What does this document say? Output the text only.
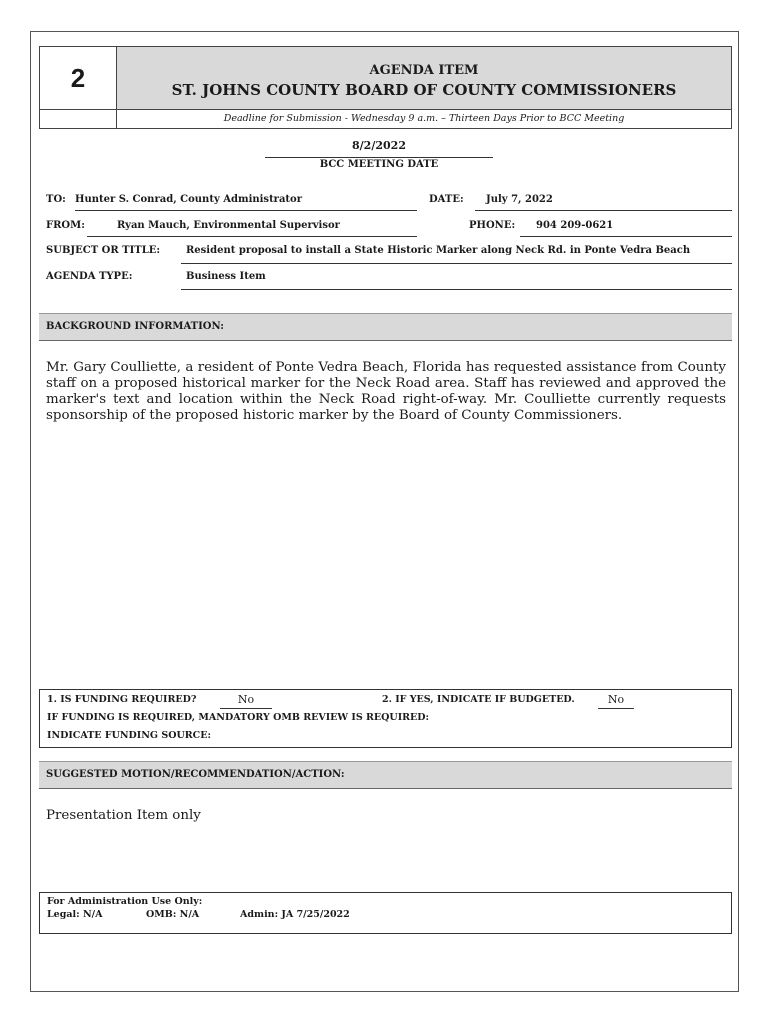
2	AGENDA ITEM
ST. JOHNS COUNTY BOARD OF COUNTY COMMISSIONERS
Deadline for Submission - Wednesday 9 a.m. – Thirteen Days Prior to BCC Meeting
8/2/2022
BCC MEETING DATE
TO: Hunter S. Conrad, County Administrator	DATE:	July 7, 2022
FROM:	Ryan Mauch, Environmental Supervisor	PHONE:	904 209-0621
SUBJECT OR TITLE:	Resident proposal to install a State Historic Marker along Neck Rd. in Ponte Vedra Beach
AGENDA TYPE:	Business Item
BACKGROUND INFORMATION:
Mr. Gary Coulliette, a resident of Ponte Vedra Beach, Florida has requested assistance from County staff on a proposed historical marker for the Neck Road area. Staff has reviewed and approved the marker's text and location within the Neck Road right-of-way. Mr. Coulliette currently requests sponsorship of the proposed historic marker by the Board of County Commissioners.
1. IS FUNDING REQUIRED?	No	2. IF YES, INDICATE IF BUDGETED.	No
IF FUNDING IS REQUIRED, MANDATORY OMB REVIEW IS REQUIRED:
INDICATE FUNDING SOURCE:
SUGGESTED MOTION/RECOMMENDATION/ACTION:
Presentation Item only
For Administration Use Only:
Legal: N/A	OMB: N/A	Admin: JA 7/25/2022
